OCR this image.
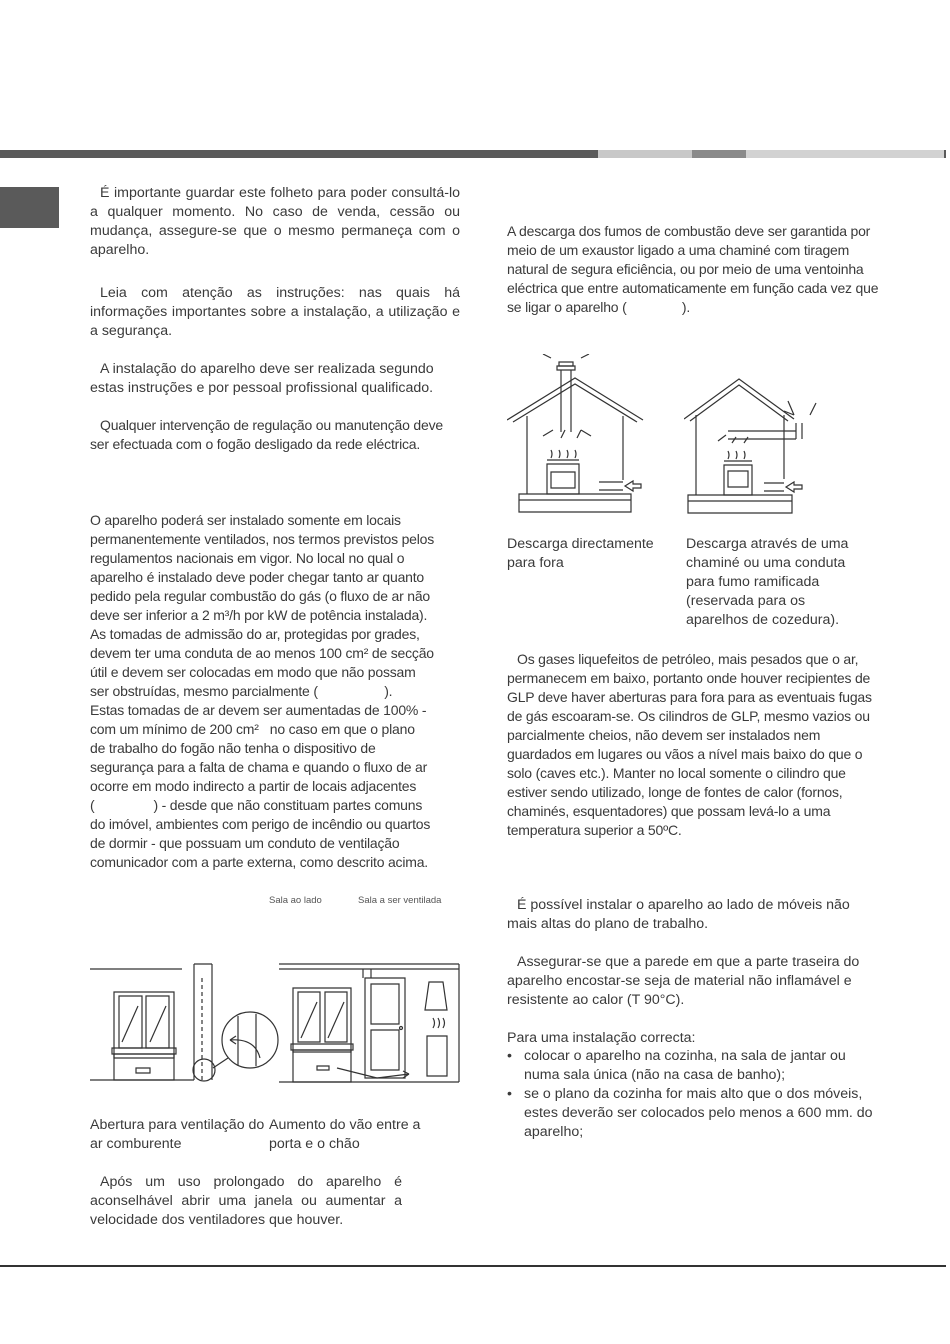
É importante guardar este folheto para poder consultá-lo a qualquer momento. No caso de venda, cessão ou mudança, assegure-se que o mesmo permaneça com o aparelho.

Leia com atenção as instruções: nas quais há informações importantes sobre a instalação, a utilização e a segurança.

A instalação do aparelho deve ser realizada segundo estas instruções e por pessoal profissional qualificado.

Qualquer intervenção de regulação ou manutenção deve ser efectuada com o fogão desligado da rede eléctrica.

O aparelho poderá ser instalado somente em locais
permanentemente ventilados, nos termos previstos pelos
regulamentos nacionais em vigor. No local no qual o
aparelho é instalado deve poder chegar tanto ar quanto
pedido pela regular combustão do gás (o fluxo de ar não
deve ser inferior a 2 m³/h por kW de potência instalada).
As tomadas de admissão do ar, protegidas por grades,
devem ter uma conduta de ao menos 100 cm² de secção
útil e devem ser colocadas em modo que não possam
ser obstruídas, mesmo parcialmente (                  ).
Estas tomadas de ar devem ser aumentadas de 100% -
com um mínimo de 200 cm²   no caso em que o plano
de trabalho do fogão não tenha o dispositivo de
segurança para a falta de chama e quando o fluxo de ar
ocorre em modo indirecto a partir de locais adjacentes
(                ) - desde que não constituam partes comuns
do imóvel, ambientes com perigo de incêndio ou quartos
de dormir - que possuam um conduto de ventilação
comunicador com a parte externa, como descrito acima.
Sala ao lado	Sala a ser ventilada
Abertura para ventilação do ar comburente
Aumento do vão entre a porta e o chão

Após um uso prolongado do aparelho é aconselhável abrir uma janela ou aumentar a velocidade dos ventiladores que houver.

A descarga dos fumos de combustão deve ser garantida por meio de um exaustor ligado a uma chaminé com tiragem natural de segura eficiência, ou por meio de uma ventoinha eléctrica que entre automaticamente em função cada vez que se ligar o aparelho (               ).

Descarga directamente para fora
Descarga através de uma chaminé ou uma conduta para fumo ramificada (reservada para os aparelhos de cozedura).

Os gases liquefeitos de petróleo, mais pesados que o ar, permanecem em baixo, portanto onde houver recipientes de GLP deve haver aberturas para fora para as eventuais fugas de gás escoaram-se. Os cilindros de GLP, mesmo vazios ou parcialmente cheios, não devem ser instalados nem guardados em lugares ou vãos a nível mais baixo do que o solo (caves etc.). Manter no local somente o cilindro que estiver sendo utilizado, longe de fontes de calor (fornos, chaminés, esquentadores) que possam levá-lo a uma temperatura superior a 50ºC.

É possível instalar o aparelho ao lado de móveis não mais altas do plano de trabalho.

Assegurar-se que a parede em que a parte traseira do aparelho encostar-se seja de material não inflamável e resistente ao calor (T 90°C).

Para uma instalação correcta:

• colocar o aparelho na cozinha, na sala de jantar ou numa sala única (não na casa de banho);
• se o plano da cozinha for mais alto que o dos móveis, estes deverão ser colocados pelo menos a 600 mm. do aparelho;
